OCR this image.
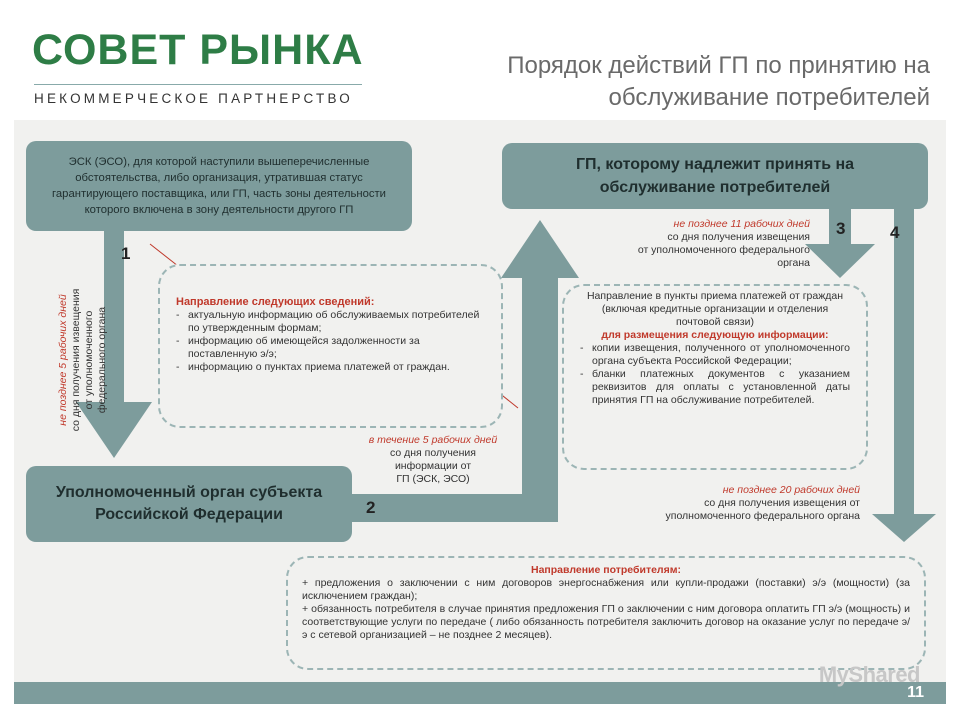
СОВЕТ РЫНКА
НЕКОММЕРЧЕСКОЕ ПАРТНЕРСТВО
Порядок действий ГП по принятию на
обслуживание потребителей
ЭСК (ЭСО), для которой наступили вышеперечисленные обстоятельства, либо организация, утратившая статус гарантирующего поставщика, или ГП, часть зоны деятельности которого включена в зону деятельности другого ГП
Уполномоченный орган субъекта Российской Федерации
ГП, которому надлежит принять на обслуживание потребителей
1
2
3	4
не позднее 5 рабочих дней со дня получения извещения от уполномоченного федерального органа
Направление следующих сведений:
- актуальную информацию об обслуживаемых потребителей по утвержденным формам;
- информацию об имеющейся задолженности за поставленную э/э;
- информацию о пунктах приема платежей от граждан.
в течение 5 рабочих дней
со дня получения
информации от
ГП (ЭСК, ЭСО)
не позднее 11 рабочих дней
со дня получения извещения
от уполномоченного федерального
органа
Направление в пункты приема платежей от граждан (включая кредитные организации и отделения почтовой связи)
для размещения следующую информации:
- копии извещения, полученного от уполномоченного органа субъекта Российской Федерации;
- бланки платежных документов с указанием реквизитов для оплаты с установленной даты принятия ГП на обслуживание потребителей.
не позднее 20 рабочих дней
со дня получения извещения от
уполномоченного федерального органа
Направление потребителям:
+ предложения о заключении с ним договоров энергоснабжения или купли-продажи (поставки) э/э (мощности) (за исключением граждан);
+ обязанность потребителя в случае принятия предложения ГП о заключении с ним договора оплатить ГП э/э (мощность) и соответствующие услуги по передаче ( либо обязанность потребителя заключить договор на оказание услуг по передаче э/э с сетевой организацией – не позднее 2 месяцев).
MyShared
11
